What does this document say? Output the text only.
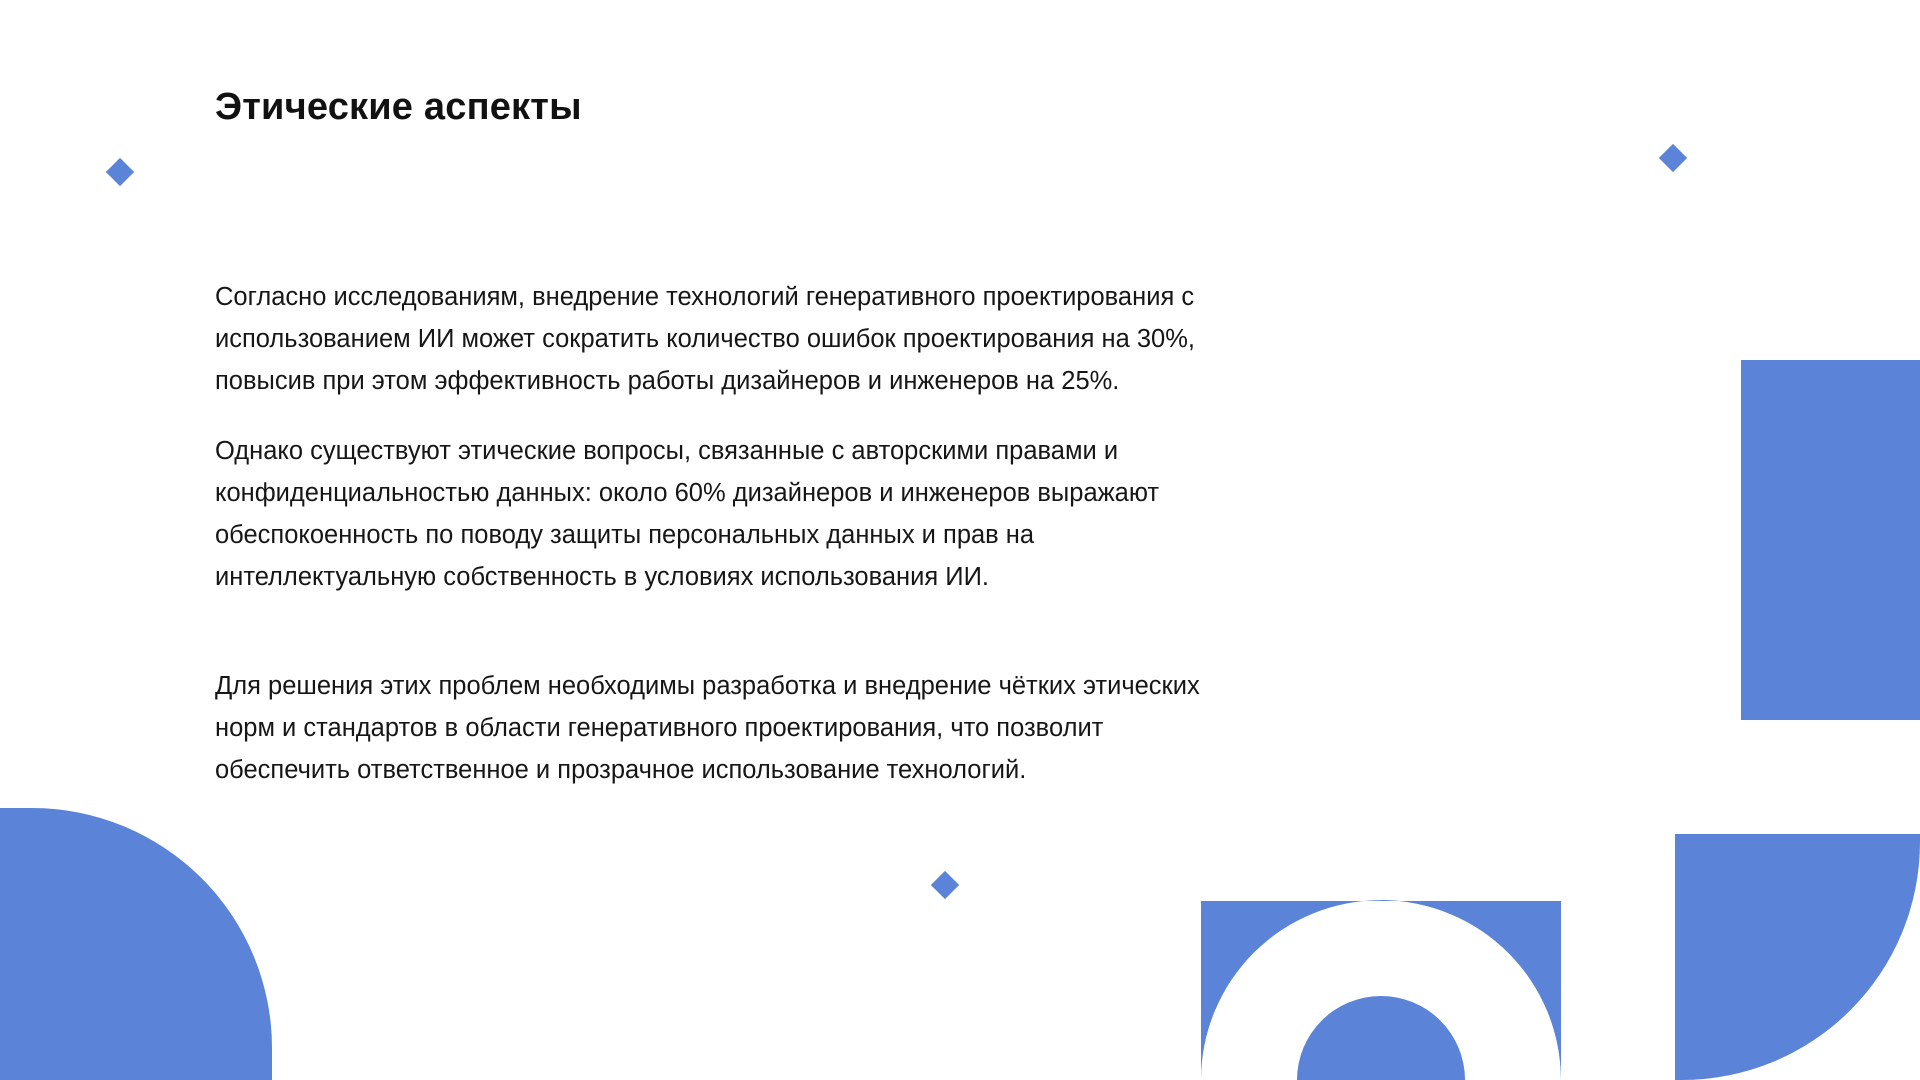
Этические аспекты

Согласно исследованиям, внедрение технологий генеративного проектирования с использованием ИИ может сократить количество ошибок проектирования на 30%, повысив при этом эффективность работы дизайнеров и инженеров на 25%.

Однако существуют этические вопросы, связанные с авторскими правами и конфиденциальностью данных: около 60% дизайнеров и инженеров выражают обеспокоенность по поводу защиты персональных данных и прав на интеллектуальную собственность в условиях использования ИИ.

Для решения этих проблем необходимы разработка и внедрение чётких этических норм и стандартов в области генеративного проектирования, что позволит обеспечить ответственное и прозрачное использование технологий.
